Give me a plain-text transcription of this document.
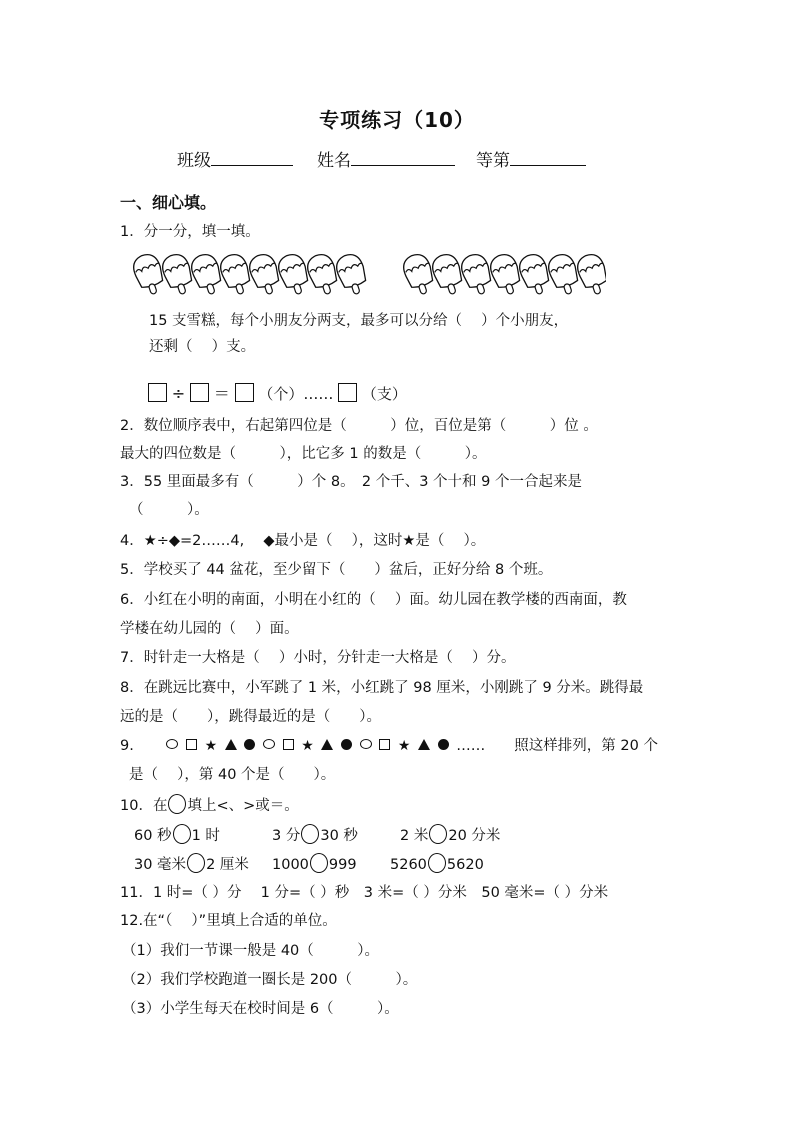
专项练习（10）
班级	姓名	等第
一、细心填。
1．分一分，填一填。
15 支雪糕，每个小朋友分两支，最多可以分给（　 ）个小朋友，
还剩（　 ）支。
÷ ＝ （个）…… （支）
2．数位顺序表中，右起第四位是（　　　）位，百位是第（　　　）位 。
最大的四位数是（　　　），比它多 1 的数是（　　　）。
3．55 里面最多有（　　　）个 8。　2 个千、3 个十和 9 个一合起来是
（　　　）。
4．★÷◆=2……4,　 ◆最小是（　 ），这时★是（　 ）。
5．学校买了 44 盆花，至少留下（　　）盆后，正好分给 8 个班。
6．小红在小明的南面，小明在小红的（　 ）面。幼儿园在教学楼的西南面，教
学楼在幼儿园的（　 ）面。
7．时针走一大格是（　 ）小时，分针走一大格是（　 ）分。
8．在跳远比赛中，小军跳了 1 米，小红跳了 98 厘米，小刚跳了 9 分米。跳得最
远的是（　　），跳得最近的是（　　）。
9.	★	★	★	……　　照这样排列，第 20 个
是（　 ），第 40 个是（　　）。
10．在 填上<、>或＝。
60 秒 1 时	3 分 30 秒	2 米 20 分米
30 毫米 2 厘米 1000 999 5260 5620
11．1 时=（ ）分　 1 分=（ ）秒　3 米=（ ）分米　50 毫米=（ ）分米
12.在“（　 ）”里填上合适的单位。
（1）我们一节课一般是 40（　　　）。
（2）我们学校跑道一圈长是 200（　　　）。
（3）小学生每天在校时间是 6（　　　）。
